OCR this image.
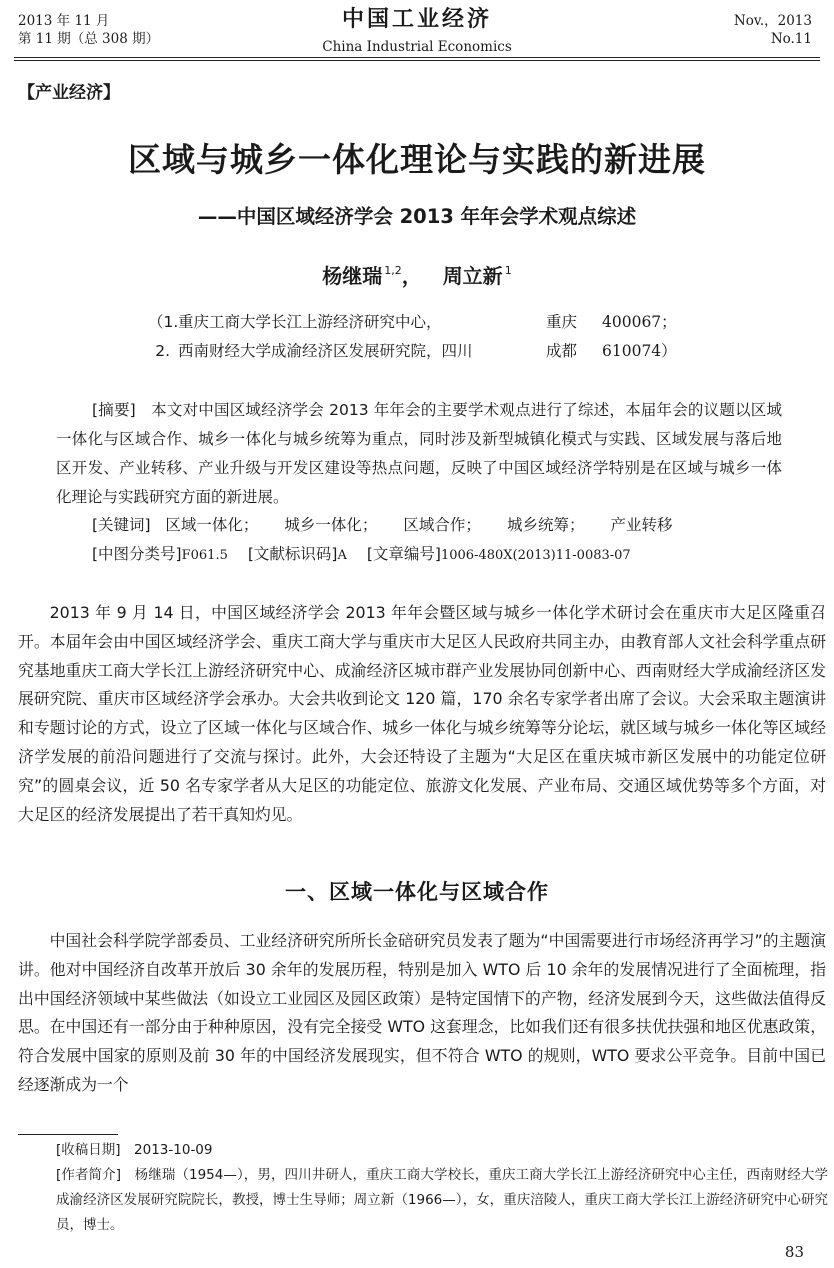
2013 年 11 月
第 11 期（总 308 期）
中国工业经济
China Industrial Economics
Nov.，2013
No.11
【产业经济】
区域与城乡一体化理论与实践的新进展
——中国区域经济学会 2013 年年会学术观点综述
杨继瑞 $^{1,2}$， 周立新 $^1$
（1.重庆工商大学长江上游经济研究中心，	重庆 400067；
2. 西南财经大学成渝经济区发展研究院，四川	成都 610074）
[摘要] 本文对中国区域经济学会 2013 年年会的主要学术观点进行了综述，本届年会的议题以区域一体化与区域合作、城乡一体化与城乡统筹为重点，同时涉及新型城镇化模式与实践、区域发展与落后地区开发、产业转移、产业升级与开发区建设等热点问题，反映了中国区域经济学特别是在区域与城乡一体化理论与实践研究方面的新进展。
[关键词] 区域一体化； 城乡一体化； 区域合作； 城乡统筹； 产业转移
[中图分类号]F061.5 [文献标识码]A [文章编号]1006-480X(2013)11-0083-07

2013 年 9 月 14 日，中国区域经济学会 2013 年年会暨区域与城乡一体化学术研讨会在重庆市大足区隆重召开。本届年会由中国区域经济学会、重庆工商大学与重庆市大足区人民政府共同主办，由教育部人文社会科学重点研究基地重庆工商大学长江上游经济研究中心、成渝经济区城市群产业发展协同创新中心、西南财经大学成渝经济区发展研究院、重庆市区域经济学会承办。大会共收到论文 120 篇，170 余名专家学者出席了会议。大会采取主题演讲和专题讨论的方式，设立了区域一体化与区域合作、城乡一体化与城乡统筹等分论坛，就区域与城乡一体化等区域经济学发展的前沿问题进行了交流与探讨。此外，大会还特设了主题为“大足区在重庆城市新区发展中的功能定位研究”的圆桌会议，近 50 名专家学者从大足区的功能定位、旅游文化发展、产业布局、交通区域优势等多个方面，对大足区的经济发展提出了若干真知灼见。

一、区域一体化与区域合作

中国社会科学院学部委员、工业经济研究所所长金碚研究员发表了题为“中国需要进行市场经济再学习”的主题演讲。他对中国经济自改革开放后 30 余年的发展历程，特别是加入 WTO 后 10 余年的发展情况进行了全面梳理，指出中国经济领域中某些做法（如设立工业园区及园区政策）是特定国情下的产物，经济发展到今天，这些做法值得反思。在中国还有一部分由于种种原因，没有完全接受 WTO 这套理念，比如我们还有很多扶优扶强和地区优惠政策，符合发展中国家的原则及前 30 年的中国经济发展现实，但不符合 WTO 的规则，WTO 要求公平竞争。目前中国已经逐渐成为一个

[收稿日期]　2013-10-09
[作者简介]　杨继瑞（1954—），男，四川井研人，重庆工商大学校长，重庆工商大学长江上游经济研究中心主任，西南财经大学成渝经济区发展研究院院长，教授，博士生导师；周立新（1966—），女，重庆涪陵人，重庆工商大学长江上游经济研究中心研究员，博士。
83
